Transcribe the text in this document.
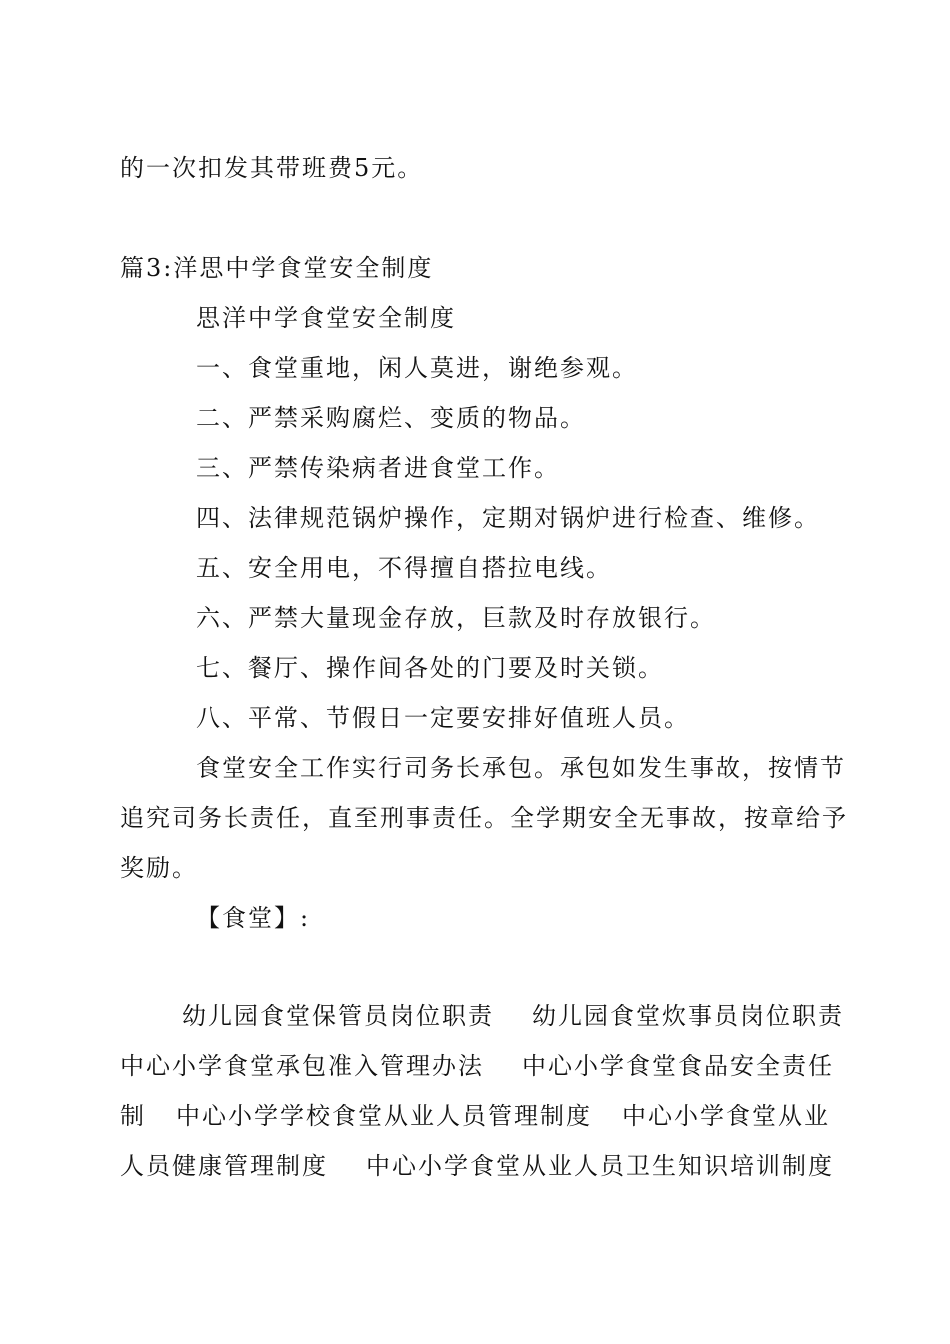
的一次扣发其带班费5元。
篇3:洋思中学食堂安全制度
思洋中学食堂安全制度
一、食堂重地，闲人莫进，谢绝参观。
二、严禁采购腐烂、变质的物品。
三、严禁传染病者进食堂工作。
四、法律规范锅炉操作，定期对锅炉进行检查、维修。
五、安全用电，不得擅自搭拉电线。
六、严禁大量现金存放，巨款及时存放银行。
七、餐厅、操作间各处的门要及时关锁。
八、平常、节假日一定要安排好值班人员。
食堂安全工作实行司务长承包。承包如发生事故，按情节
追究司务长责任，直至刑事责任。全学期安全无事故，按章给予
奖励。
【食堂】:
幼儿园食堂保管员岗位职责 幼儿园食堂炊事员岗位职责
中心小学食堂承包准入管理办法 中心小学食堂食品安全责任
制 中心小学学校食堂从业人员管理制度 中心小学食堂从业
人员健康管理制度 中心小学食堂从业人员卫生知识培训制度
